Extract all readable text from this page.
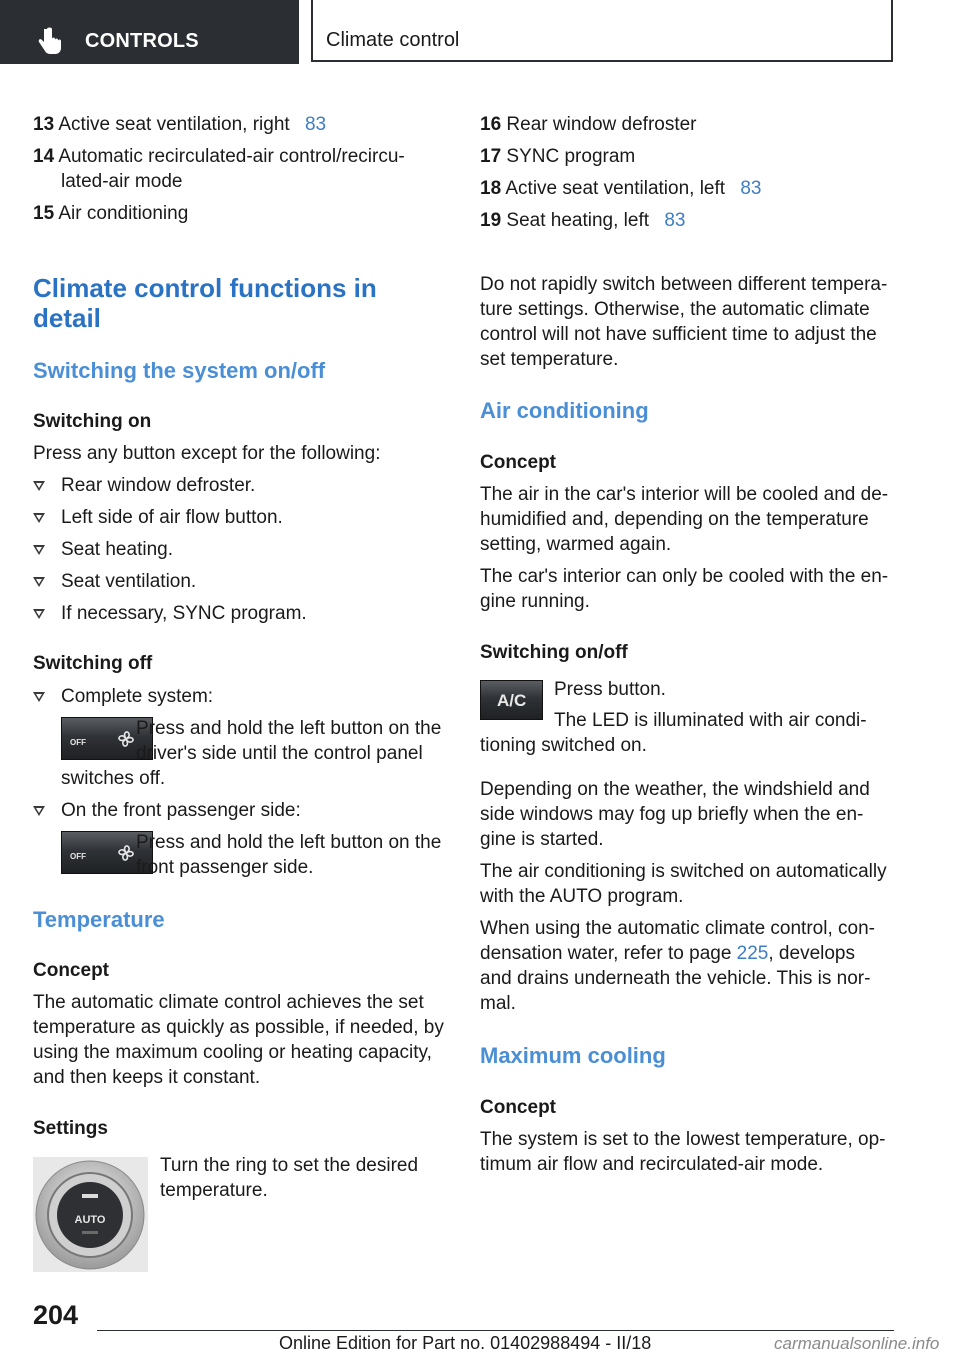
CONTROLS	Climate control
13 Active seat ventilation, right 83
14 Automatic recirculated-air control/recircu-
lated-air mode
15 Air conditioning
Climate control functions in
detail
Switching the system on/off
Switching on
Press any button except for the following:
Rear window defroster.
Left side of air flow button.
Seat heating.
Seat ventilation.
If necessary, SYNC program.
Switching off
Complete system:
OFF
Press and hold the left button on the
driver's side until the control panel
switches off.
On the front passenger side:
OFF
Press and hold the left button on the
front passenger side.
Temperature
Concept
The automatic climate control achieves the set
temperature as quickly as possible, if needed, by
using the maximum cooling or heating capacity,
and then keeps it constant.
Settings
AUTO
Turn the ring to set the desired
temperature.
16 Rear window defroster
17 SYNC program
18 Active seat ventilation, left 83
19 Seat heating, left 83
Do not rapidly switch between different tempera-
ture settings. Otherwise, the automatic climate
control will not have sufficient time to adjust the
set temperature.
Air conditioning
Concept
The air in the car's interior will be cooled and de-
humidified and, depending on the temperature
setting, warmed again.
The car's interior can only be cooled with the en-
gine running.
Switching on/off
A/C
Press button.
The LED is illuminated with air condi-
tioning switched on.
Depending on the weather, the windshield and
side windows may fog up briefly when the en-
gine is started.
The air conditioning is switched on automatically
with the AUTO program.
When using the automatic climate control, con-
densation water, refer to page 225, develops
and drains underneath the vehicle. This is nor-
mal.
Maximum cooling
Concept
The system is set to the lowest temperature, op-
timum air flow and recirculated-air mode.
204
Online Edition for Part no. 01402988494 - II/18	carmanualsonline.info
